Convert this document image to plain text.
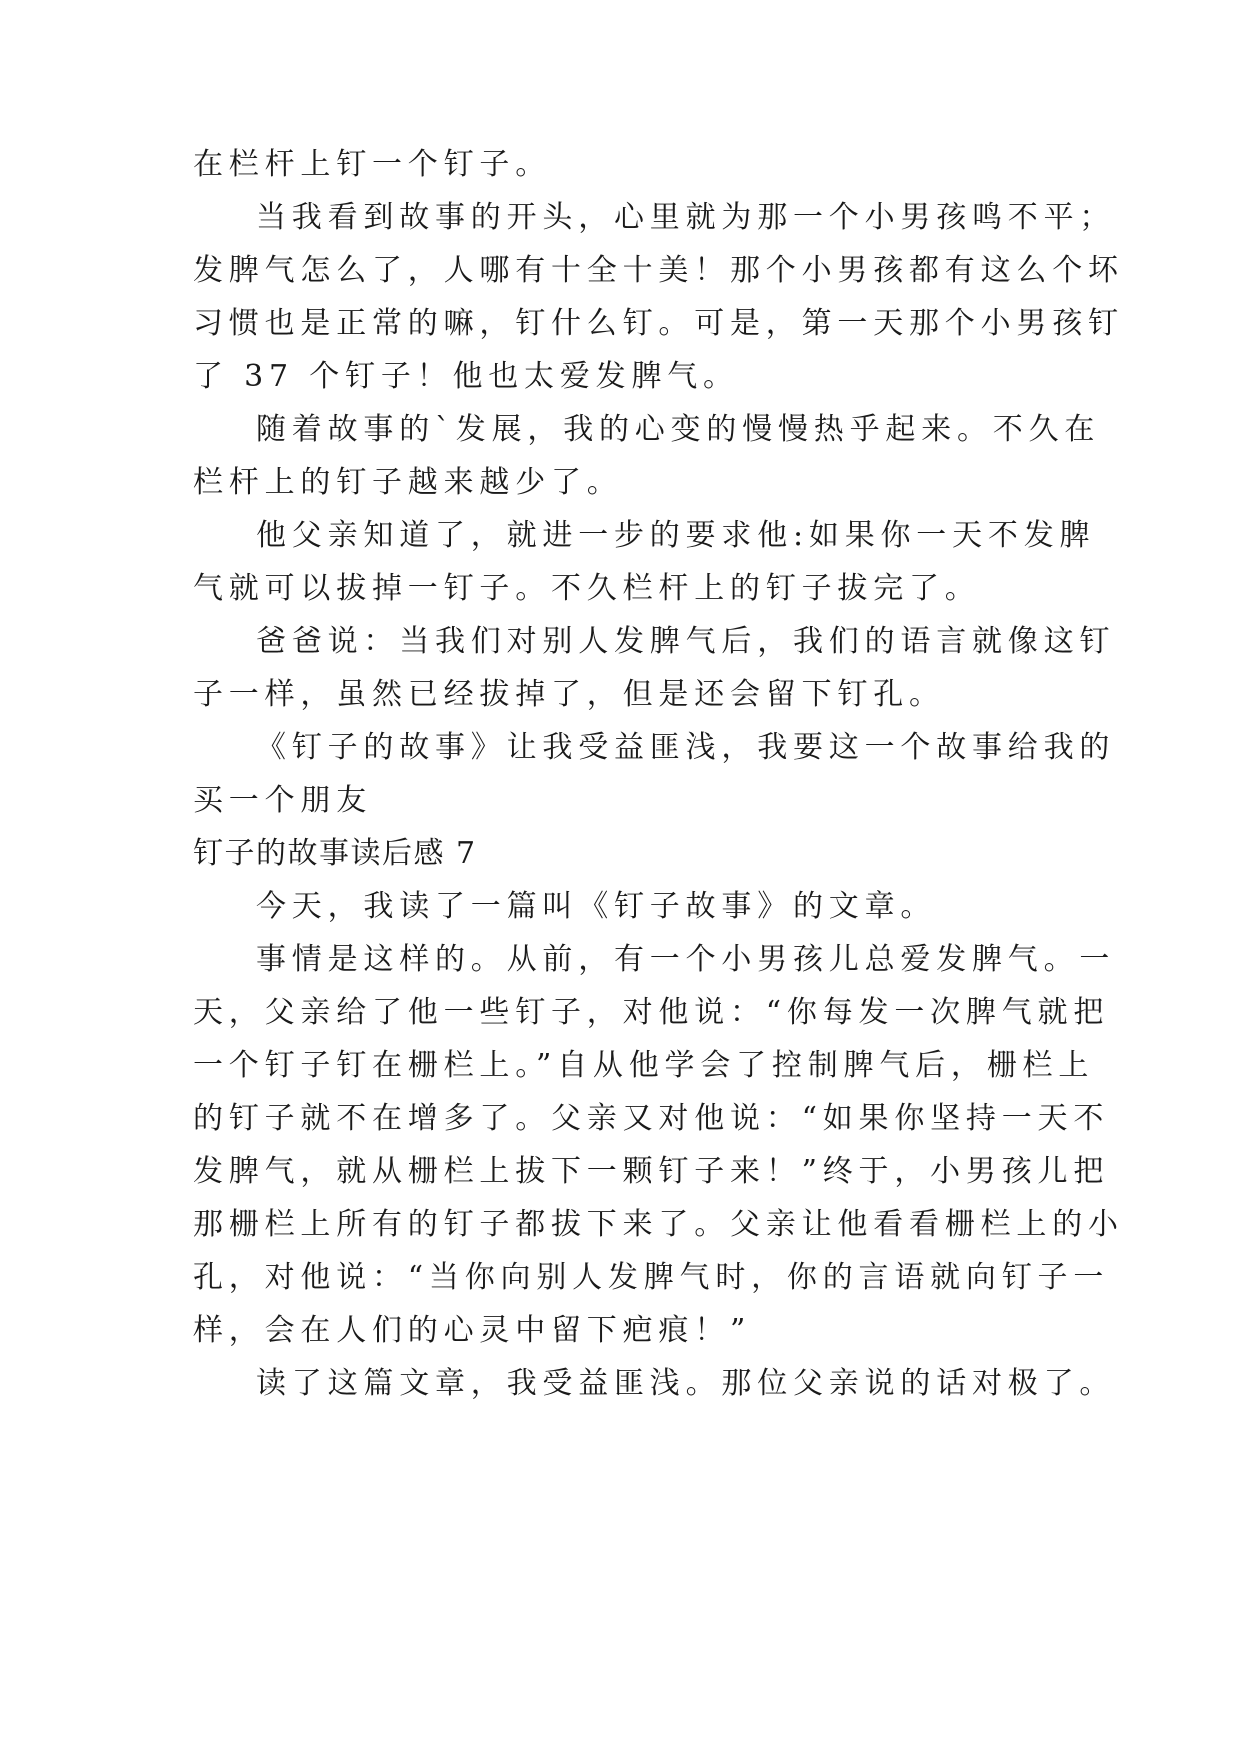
在栏杆上钉一个钉子。
当我看到故事的开头，心里就为那一个小男孩鸣不平；
发脾气怎么了，人哪有十全十美！那个小男孩都有这么个坏
习惯也是正常的嘛，钉什么钉。可是，第一天那个小男孩钉
了 37 个钉子！他也太爱发脾气。
随着故事的`发展，我的心变的慢慢热乎起来。不久在
栏杆上的钉子越来越少了。
他父亲知道了，就进一步的要求他:如果你一天不发脾
气就可以拔掉一钉子。不久栏杆上的钉子拔完了。
爸爸说：当我们对别人发脾气后，我们的语言就像这钉
子一样，虽然已经拔掉了，但是还会留下钉孔。
《钉子的故事》让我受益匪浅，我要这一个故事给我的
买一个朋友
钉子的故事读后感 7
今天，我读了一篇叫《钉子故事》的文章。
事情是这样的。从前，有一个小男孩儿总爱发脾气。一
天，父亲给了他一些钉子，对他说：“你每发一次脾气就把
一个钉子钉在栅栏上。”自从他学会了控制脾气后，栅栏上
的钉子就不在增多了。父亲又对他说：“如果你坚持一天不
发脾气，就从栅栏上拔下一颗钉子来！”终于，小男孩儿把
那栅栏上所有的钉子都拔下来了。父亲让他看看栅栏上的小
孔，对他说：“当你向别人发脾气时，你的言语就向钉子一
样，会在人们的心灵中留下疤痕！”
读了这篇文章，我受益匪浅。那位父亲说的话对极了。
